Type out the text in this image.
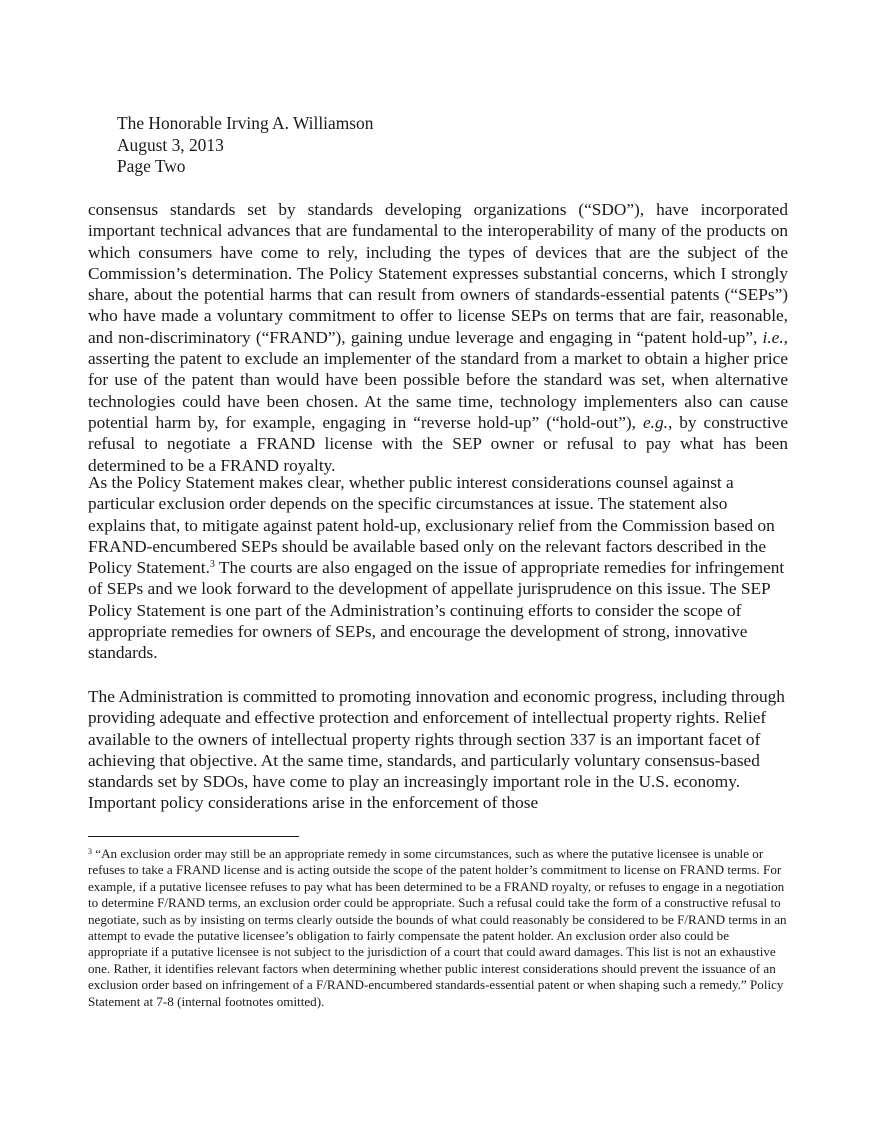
The Honorable Irving A. Williamson
August 3, 2013
Page Two

consensus standards set by standards developing organizations (“SDO”), have incorporated important technical advances that are fundamental to the interoperability of many of the products on which consumers have come to rely, including the types of devices that are the subject of the Commission’s determination. The Policy Statement expresses substantial concerns, which I strongly share, about the potential harms that can result from owners of standards-essential patents (“SEPs”) who have made a voluntary commitment to offer to license SEPs on terms that are fair, reasonable, and non-discriminatory (“FRAND”), gaining undue leverage and engaging in “patent hold-up”, i.e., asserting the patent to exclude an implementer of the standard from a market to obtain a higher price for use of the patent than would have been possible before the standard was set, when alternative technologies could have been chosen. At the same time, technology implementers also can cause potential harm by, for example, engaging in “reverse hold-up” (“hold-out”), e.g., by constructive refusal to negotiate a FRAND license with the SEP owner or refusal to pay what has been determined to be a FRAND royalty.

As the Policy Statement makes clear, whether public interest considerations counsel against a particular exclusion order depends on the specific circumstances at issue. The statement also explains that, to mitigate against patent hold-up, exclusionary relief from the Commission based on FRAND-encumbered SEPs should be available based only on the relevant factors described in the Policy Statement.$^3$ The courts are also engaged on the issue of appropriate remedies for infringement of SEPs and we look forward to the development of appellate jurisprudence on this issue. The SEP Policy Statement is one part of the Administration’s continuing efforts to consider the scope of appropriate remedies for owners of SEPs, and encourage the development of strong, innovative standards.

The Administration is committed to promoting innovation and economic progress, including through providing adequate and effective protection and enforcement of intellectual property rights. Relief available to the owners of intellectual property rights through section 337 is an important facet of achieving that objective. At the same time, standards, and particularly voluntary consensus-based standards set by SDOs, have come to play an increasingly important role in the U.S. economy. Important policy considerations arise in the enforcement of those

$^3$ “An exclusion order may still be an appropriate remedy in some circumstances, such as where the putative licensee is unable or refuses to take a FRAND license and is acting outside the scope of the patent holder’s commitment to license on FRAND terms. For example, if a putative licensee refuses to pay what has been determined to be a FRAND royalty, or refuses to engage in a negotiation to determine F/RAND terms, an exclusion order could be appropriate. Such a refusal could take the form of a constructive refusal to negotiate, such as by insisting on terms clearly outside the bounds of what could reasonably be considered to be F/RAND terms in an attempt to evade the putative licensee’s obligation to fairly compensate the patent holder. An exclusion order also could be appropriate if a putative licensee is not subject to the jurisdiction of a court that could award damages. This list is not an exhaustive one. Rather, it identifies relevant factors when determining whether public interest considerations should prevent the issuance of an exclusion order based on infringement of a F/RAND-encumbered standards-essential patent or when shaping such a remedy.” Policy Statement at 7-8 (internal footnotes omitted).
